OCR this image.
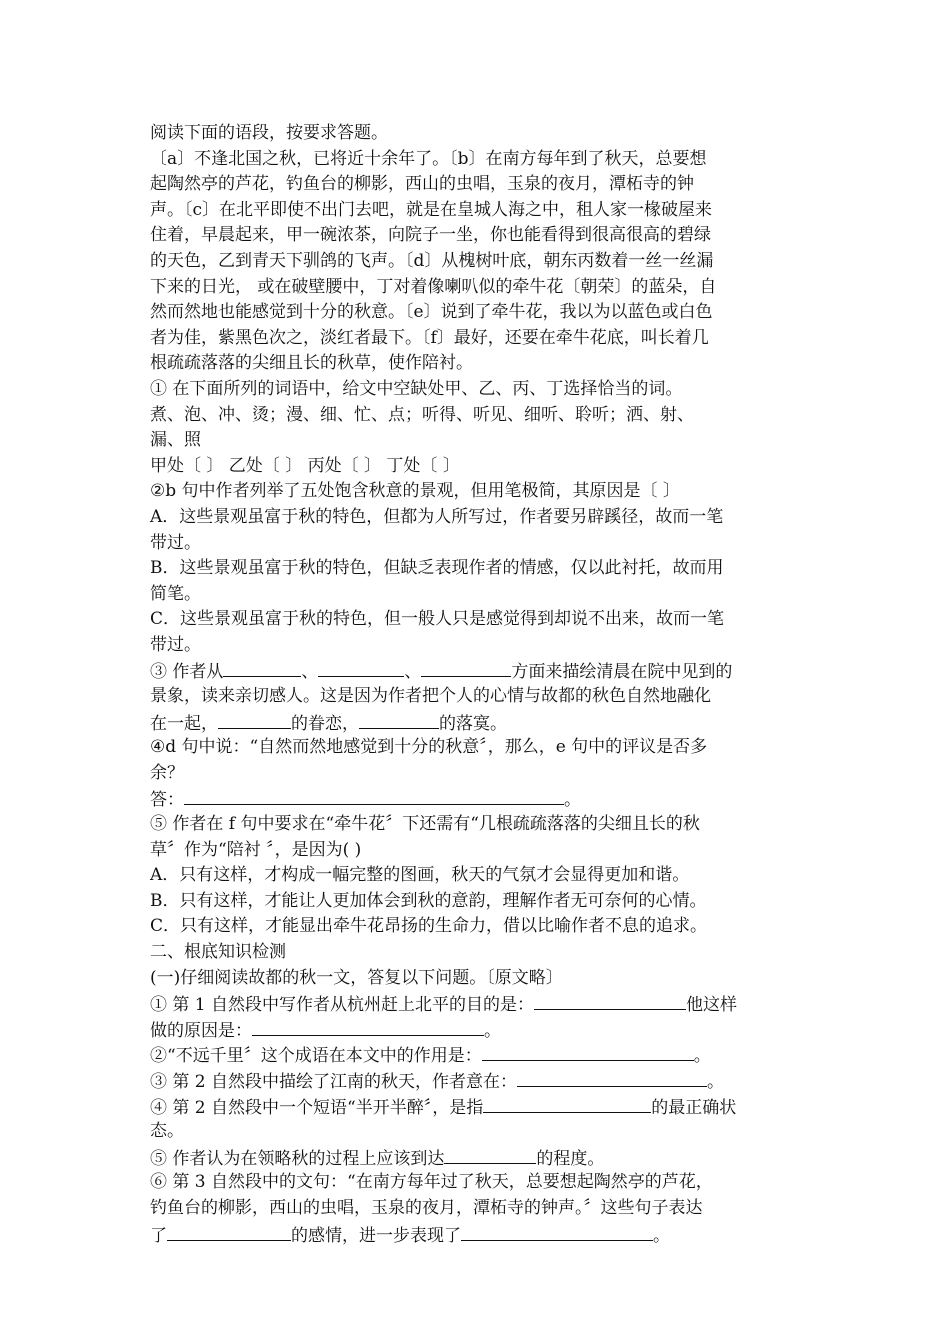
阅读下面的语段，按要求答题。
〔a〕不逢北国之秋，已将近十余年了。〔b〕在南方每年到了秋天，总要想
起陶然亭的芦花，钓鱼台的柳影，西山的虫唱，玉泉的夜月，潭柘寺的钟
声。〔c〕在北平即使不出门去吧，就是在皇城人海之中，租人家一椽破屋来
住着，早晨起来，甲一碗浓茶，向院子一坐，你也能看得到很高很高的碧绿
的天色，乙到青天下驯鸽的飞声。〔d〕从槐树叶底，朝东丙数着一丝一丝漏
下来的日光， 或在破壁腰中，丁对着像喇叭似的牵牛花〔朝荣〕的蓝朵，自
然而然地也能感觉到十分的秋意。〔e〕说到了牵牛花，我以为以蓝色或白色
者为佳，紫黑色次之，淡红者最下。〔f〕最好，还要在牵牛花底，叫长着几
根疏疏落落的尖细且长的秋草，使作陪衬。
① 在下面所列的词语中，给文中空缺处甲、乙、丙、丁选择恰当的词。
煮、泡、冲、烫；漫、细、忙、点；听得、听见、细听、聆听；洒、射、
漏、照
甲处〔 〕 乙处〔 〕 丙处〔 〕 丁处〔 〕
②b 句中作者列举了五处饱含秋意的景观，但用笔极简，其原因是〔 〕
A．这些景观虽富于秋的特色，但都为人所写过，作者要另辟蹊径，故而一笔
带过。
B．这些景观虽富于秋的特色，但缺乏表现作者的情感，仅以此衬托，故而用
简笔。
C．这些景观虽富于秋的特色，但一般人只是感觉得到却说不出来，故而一笔
带过。
③ 作者从	、	、	方面来描绘清晨在院中见到的
景象，读来亲切感人。这是因为作者把个人的心情与故都的秋色自然地融化
在一起，	的眷恋，	的落寞。
④d 句中说：“自然而然地感觉到十分的秋意〞，那么，e 句中的评议是否多
余？
答：	。
⑤ 作者在 f 句中要求在“牵牛花〞下还需有“几根疏疏落落的尖细且长的秋
草〞作为“陪衬 〞，是因为( )
A．只有这样，才构成一幅完整的图画，秋天的气氛才会显得更加和谐。
B．只有这样，才能让人更加体会到秋的意韵，理解作者无可奈何的心情。
C．只有这样，才能显出牵牛花昂扬的生命力，借以比喻作者不息的追求。
二、根底知识检测
(一)仔细阅读故都的秋一文，答复以下问题。〔原文略〕
① 第 1 自然段中写作者从杭州赶上北平的目的是：	他这样
做的原因是：	。
②“不远千里〞这个成语在本文中的作用是：	。
③ 第 2 自然段中描绘了江南的秋天，作者意在：	。
④ 第 2 自然段中一个短语“半开半醉〞，是指	的最正确状
态。
⑤ 作者认为在领略秋的过程上应该到达	的程度。
⑥ 第 3 自然段中的文句：“在南方每年过了秋天，总要想起陶然亭的芦花，
钓鱼台的柳影，西山的虫唱，玉泉的夜月，潭柘寺的钟声。〞这些句子表达
了	的感情，进一步表现了	。
